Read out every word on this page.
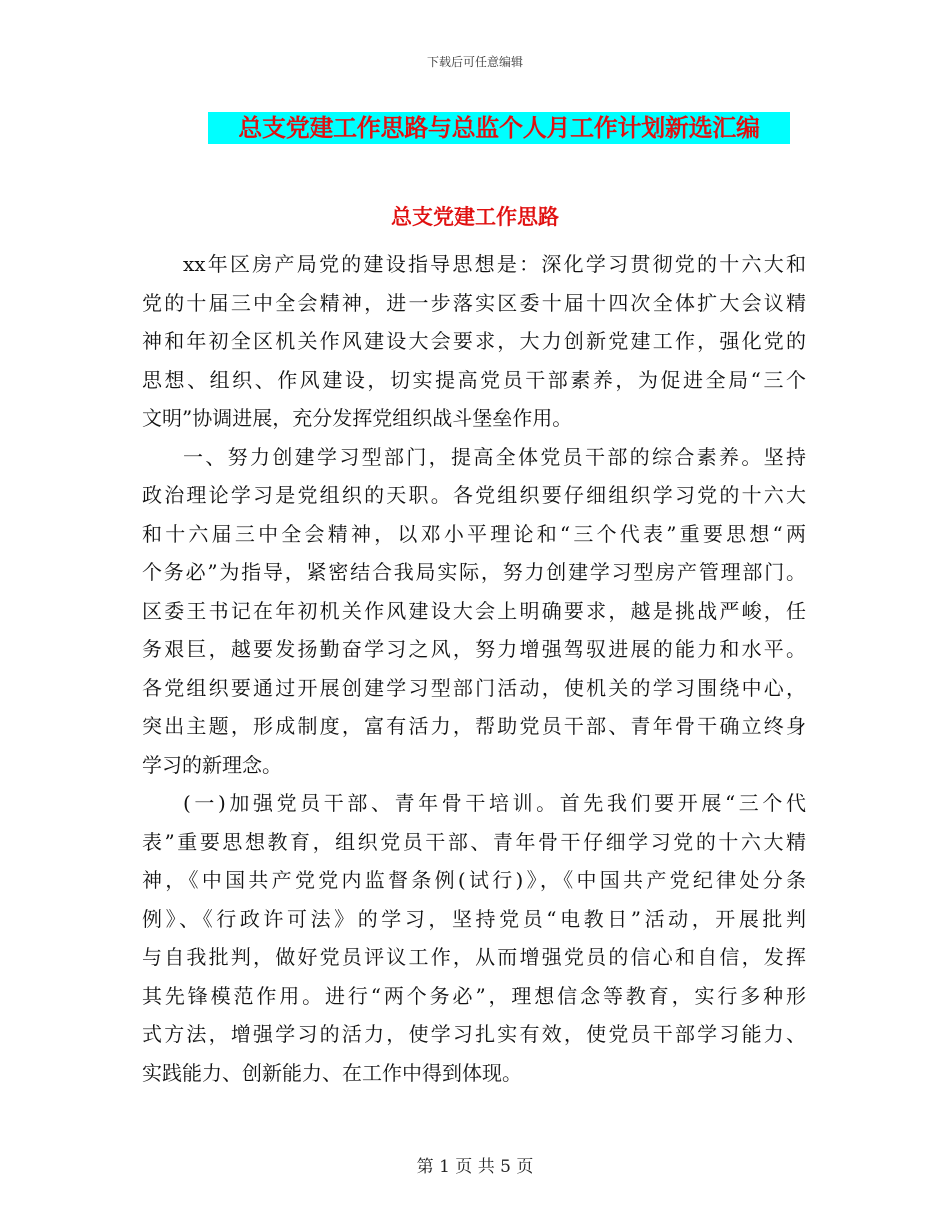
下载后可任意编辑
总支党建工作思路与总监个人月工作计划新选汇编
总支党建工作思路
xx年区房产局党的建设指导思想是：深化学习贯彻党的十六大和
党的十届三中全会精神，进一步落实区委十届十四次全体扩大会议精
神和年初全区机关作风建设大会要求，大力创新党建工作，强化党的
思想、组织、作风建设，切实提高党员干部素养，为促进全局“三个
文明”协调进展，充分发挥党组织战斗堡垒作用。
一、努力创建学习型部门，提高全体党员干部的综合素养。坚持
政治理论学习是党组织的天职。各党组织要仔细组织学习党的十六大
和十六届三中全会精神，以邓小平理论和“三个代表”重要思想“两
个务必”为指导，紧密结合我局实际，努力创建学习型房产管理部门。
区委王书记在年初机关作风建设大会上明确要求，越是挑战严峻，任
务艰巨，越要发扬勤奋学习之风，努力增强驾驭进展的能力和水平。
各党组织要通过开展创建学习型部门活动，使机关的学习围绕中心，
突出主题，形成制度，富有活力，帮助党员干部、青年骨干确立终身
学习的新理念。
(一)加强党员干部、青年骨干培训。首先我们要开展“三个代
表”重要思想教育，组织党员干部、青年骨干仔细学习党的十六大精
神，《中国共产党党内监督条例(试行)》，《中国共产党纪律处分条
例》、《行政许可法》的学习，坚持党员“电教日”活动，开展批判
与自我批判，做好党员评议工作，从而增强党员的信心和自信，发挥
其先锋模范作用。进行“两个务必”，理想信念等教育，实行多种形
式方法，增强学习的活力，使学习扎实有效，使党员干部学习能力、
实践能力、创新能力、在工作中得到体现。
第 1 页 共 5 页
